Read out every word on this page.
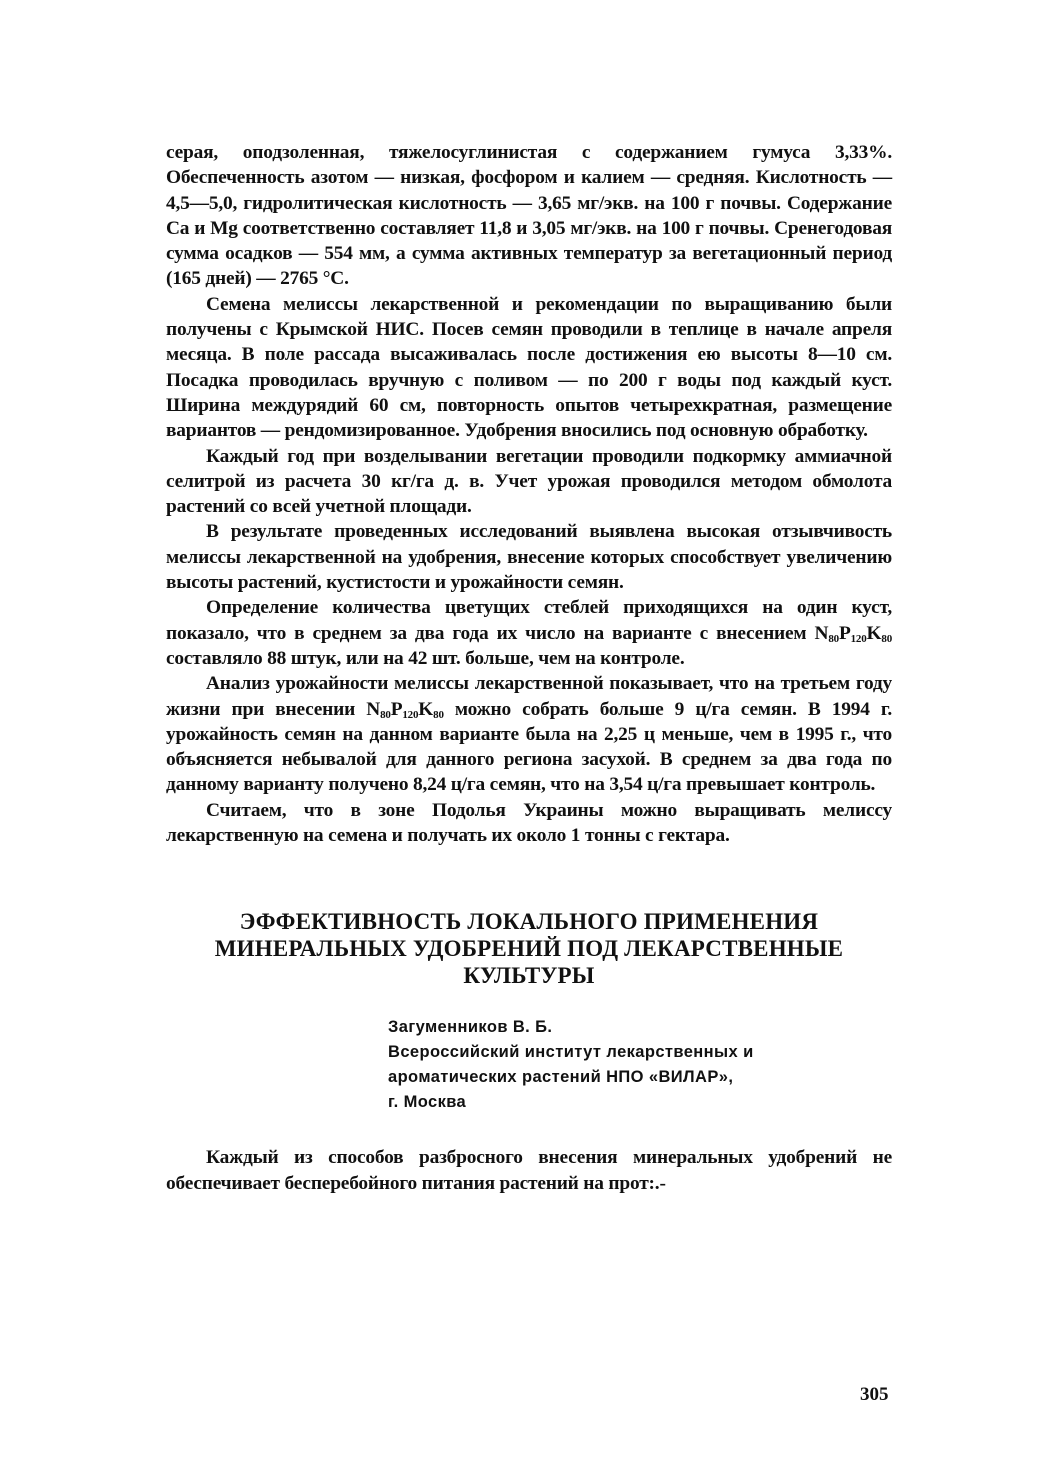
серая, оподзоленная, тяжелосуглинистая с содержанием гумуса 3,33%. Обеспеченность азотом — низкая, фосфором и калием — средняя. Кислотность — 4,5—5,0, гидролитическая кислотность — 3,65 мг/экв. на 100 г почвы. Содержание Ca и Mg соответственно составляет 11,8 и 3,05 мг/экв. на 100 г почвы. Сренегодовая сумма осадков — 554 мм, а сумма активных температур за вегетационный период (165 дней) — 2765 °С.

Семена мелиссы лекарственной и рекомендации по выращиванию были получены с Крымской НИС. Посев семян проводили в теплице в начале апреля месяца. В поле рассада высаживалась после достижения ею высоты 8—10 см. Посадка проводилась вручную с поливом — по 200 г воды под каждый куст. Ширина междурядий 60 см, повторность опытов четырехкратная, размещение вариантов — рендомизированное. Удобрения вносились под основную обработку.

Каждый год при возделывании вегетации проводили подкормку аммиачной селитрой из расчета 30 кг/га д. в. Учет урожая проводился методом обмолота растений со всей учетной площади.

В результате проведенных исследований выявлена высокая отзывчивость мелиссы лекарственной на удобрения, внесение которых способствует увеличению высоты растений, кустистости и урожайности семян.

Определение количества цветущих стеблей приходящихся на один куст, показало, что в среднем за два года их число на варианте с внесением $N_{80}P_{120}K_{80}$ составляло 88 штук, или на 42 шт. больше, чем на контроле.

Анализ урожайности мелиссы лекарственной показывает, что на третьем году жизни при внесении $N_{80}P_{120}K_{80}$ можно собрать больше 9 ц/га семян. В 1994 г. урожайность семян на данном варианте была на 2,25 ц меньше, чем в 1995 г., что объясняется небывалой для данного региона засухой. В среднем за два года по данному варианту получено 8,24 ц/га семян, что на 3,54 ц/га превышает контроль.

Считаем, что в зоне Подолья Украины можно выращивать мелиссу лекарственную на семена и получать их около 1 тонны с гектара.

ЭФФЕКТИВНОСТЬ ЛОКАЛЬНОГО ПРИМЕНЕНИЯ
МИНЕРАЛЬНЫХ УДОБРЕНИЙ ПОД ЛЕКАРСТВЕННЫЕ
КУЛЬТУРЫ
Загуменников В. Б.
Всероссийский институт лекарственных и
ароматических растений НПО «ВИЛАР»,
г. Москва

Каждый из способов разбросного внесения минеральных удобрений не обеспечивает бесперебойного питания растений на прот:.-

305
